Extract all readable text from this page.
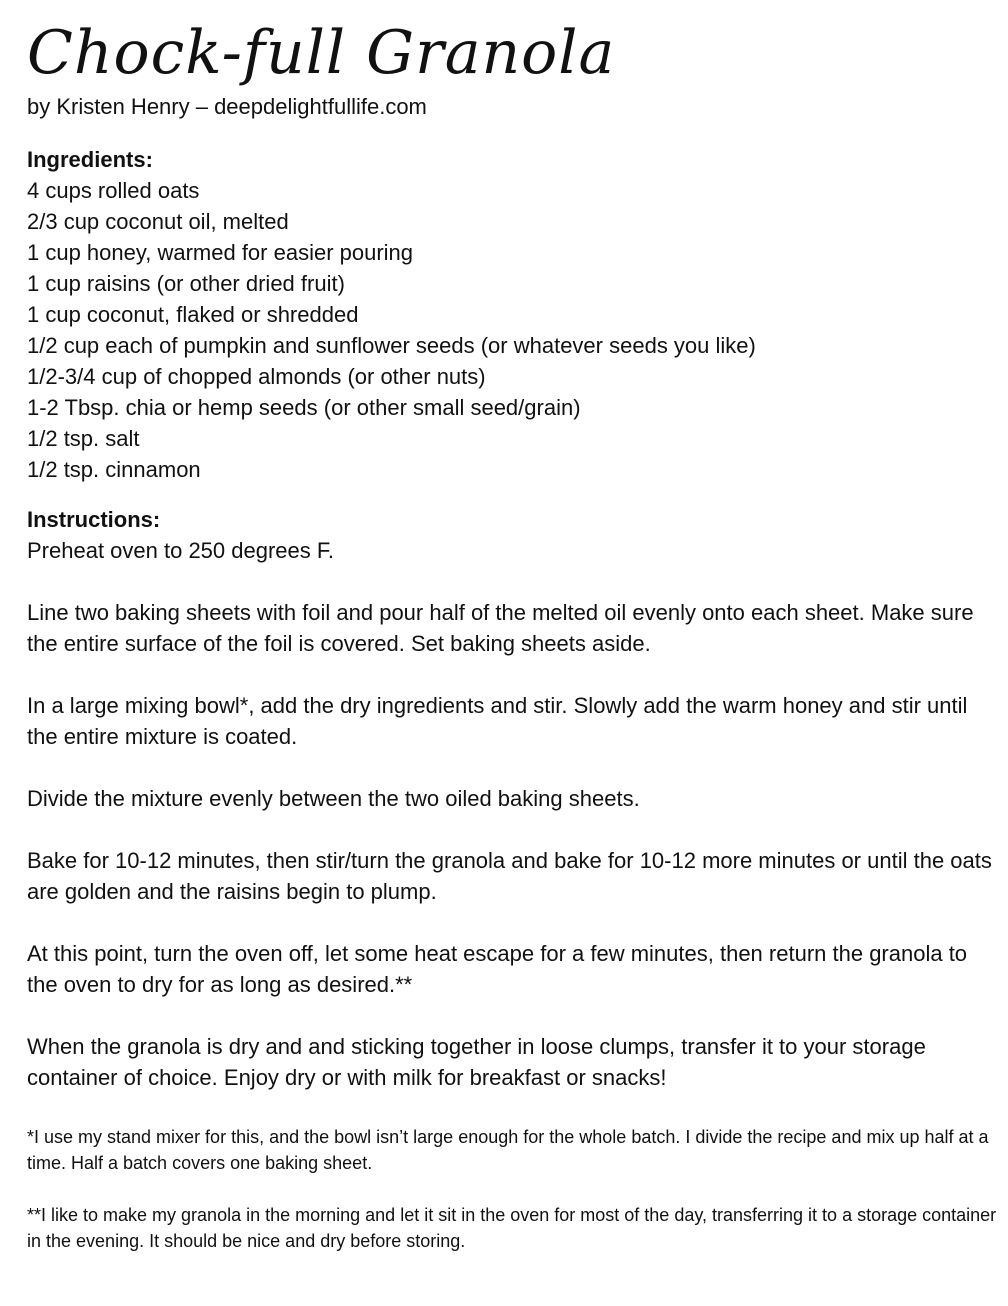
Chock-full Granola

by Kristen Henry – deepdelightfullife.com

Ingredients:
4 cups rolled oats
2/3 cup coconut oil, melted
1 cup honey, warmed for easier pouring
1 cup raisins (or other dried fruit)
1 cup coconut, flaked or shredded
1/2 cup each of pumpkin and sunflower seeds (or whatever seeds you like)
1/2-3/4 cup of chopped almonds (or other nuts)
1-2 Tbsp. chia or hemp seeds (or other small seed/grain)
1/2 tsp. salt
1/2 tsp. cinnamon
Instructions:

Preheat oven to 250 degrees F.

Line two baking sheets with foil and pour half of the melted oil evenly onto each sheet. Make sure the entire surface of the foil is covered. Set baking sheets aside.

In a large mixing bowl*, add the dry ingredients and stir. Slowly add the warm honey and stir until the entire mixture is coated.

Divide the mixture evenly between the two oiled baking sheets.

Bake for 10-12 minutes, then stir/turn the granola and bake for 10-12 more minutes or until the oats are golden and the raisins begin to plump.

At this point, turn the oven off, let some heat escape for a few minutes, then return the granola to the oven to dry for as long as desired.**

When the granola is dry and and sticking together in loose clumps, transfer it to your storage container of choice. Enjoy dry or with milk for breakfast or snacks!

*I use my stand mixer for this, and the bowl isn’t large enough for the whole batch. I divide the recipe and mix up half at a time. Half a batch covers one baking sheet.

**I like to make my granola in the morning and let it sit in the oven for most of the day, transferring it to a storage container in the evening. It should be nice and dry before storing.
